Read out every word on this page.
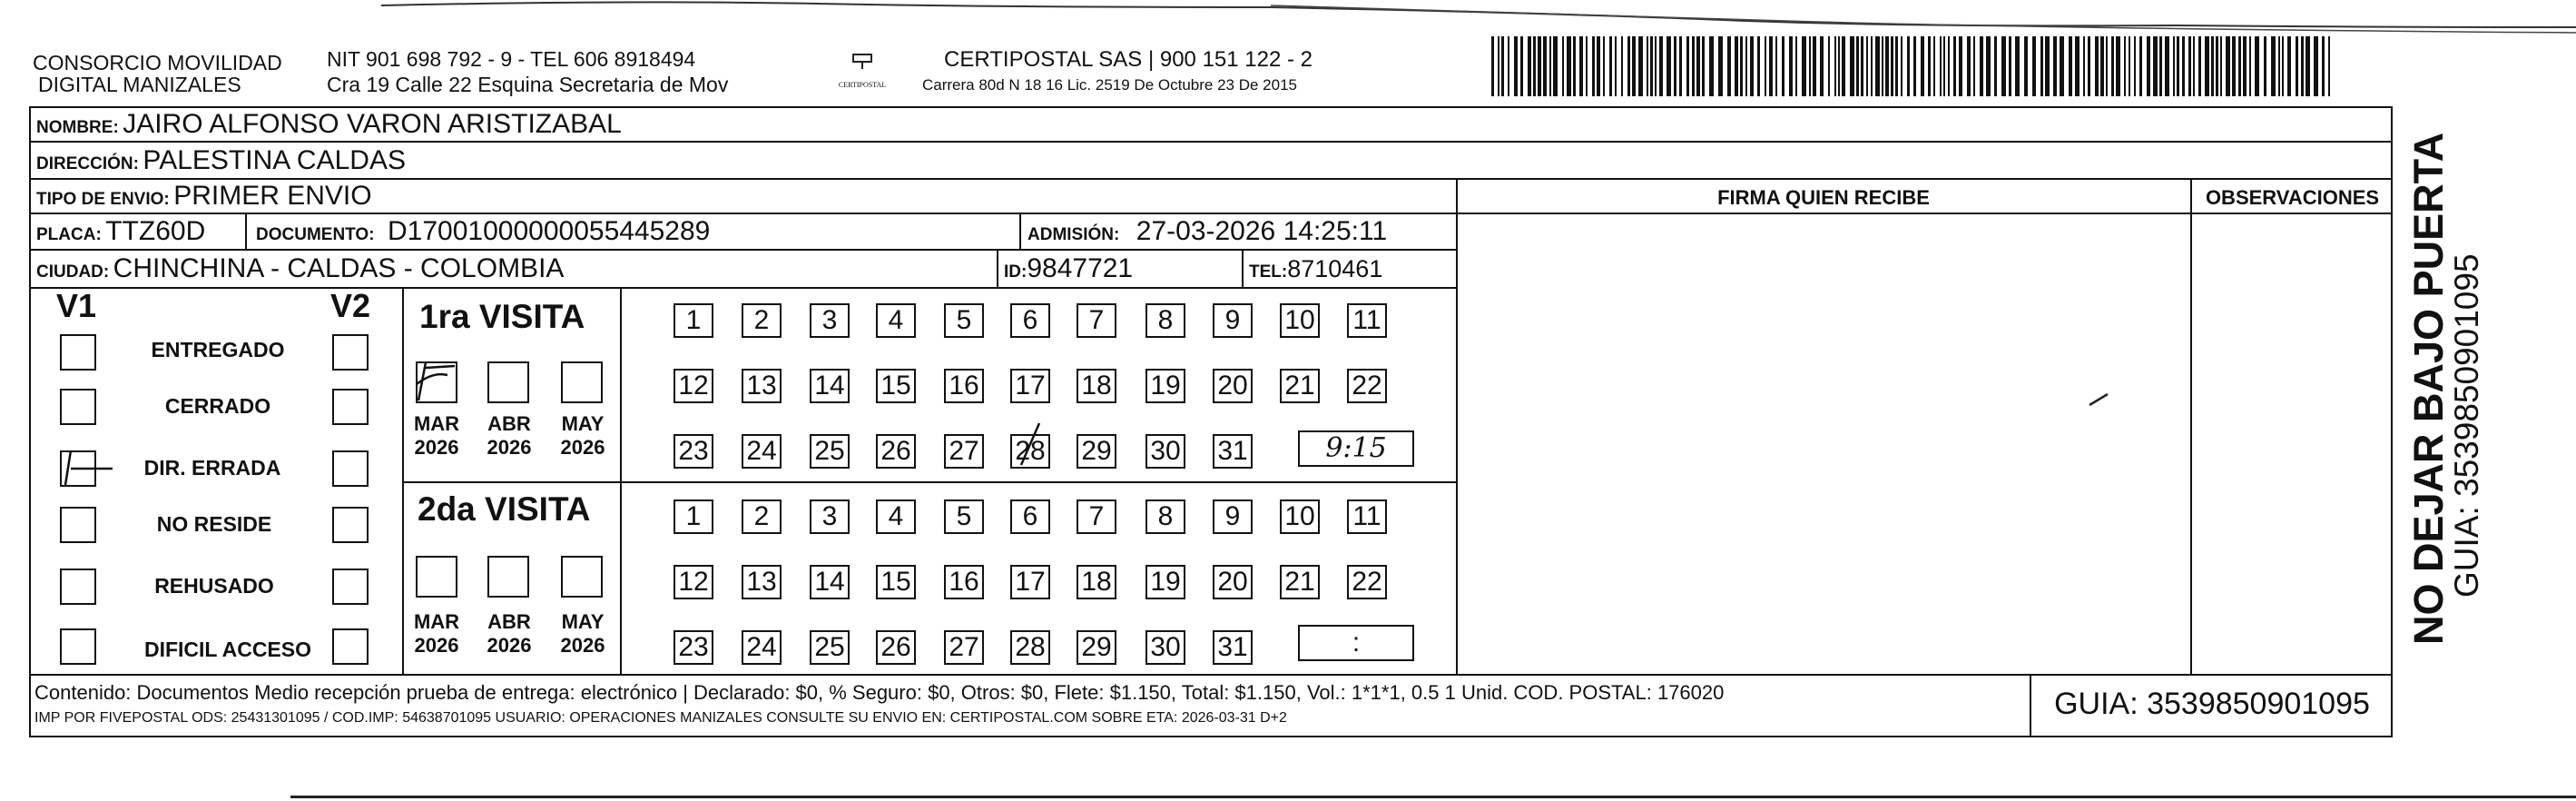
CONSORCIO MOVILIDAD
DIGITAL MANIZALES
NIT 901 698 792 - 9 - TEL 606 8918494
Cra 19 Calle 22 Esquina Secretaria de Mov	CERTIPOSTAL
CERTIPOSTAL SAS | 900 151 122 - 2
Carrera 80d N 18 16 Lic. 2519 De Octubre 23 De 2015
NOMBRE: JAIRO ALFONSO VARON ARISTIZABAL
DIRECCIÓN: PALESTINA CALDAS
TIPO DE ENVIO: PRIMER ENVIO	FIRMA QUIEN RECIBE	OBSERVACIONES
PLACA: TTZ60D	DOCUMENTO: D17001000000055445289	ADMISIÓN: 27-03-2026 14:25:11
CIUDAD: CHINCHINA - CALDAS - COLOMBIA	ID:9847721	TEL:8710461
V1	V2
ENTREGADO
CERRADO
DIR. ERRADA
NO RESIDE
REHUSADO
DIFICIL ACCESO
1ra VISITA
MAR
2026
ABR
2026
MAY
2026
1	2	3	4	5	6	7	8	9	10 11
12 13 14 15 16 17 18 19 20 21 22
23 24 25 26 27 28 29 30 31	9:15
2da VISITA
MAR
2026
ABR
2026
MAY
2026
1	2	3	4	5	6	7	8	9	10 11
12 13 14 15 16 17 18 19 20 21 22
23 24 25 26 27 28 29 30 31	:
Contenido: Documentos Medio recepción prueba de entrega: electrónico | Declarado: $0, % Seguro: $0, Otros: $0, Flete: $1.150, Total: $1.150, Vol.: 1*1*1, 0.5 1 Unid. COD. POSTAL: 176020
IMP POR FIVEPOSTAL ODS: 25431301095 / COD.IMP: 54638701095 USUARIO: OPERACIONES MANIZALES CONSULTE SU ENVIO EN: CERTIPOSTAL.COM SOBRE ETA: 2026-03-31 D+2	GUIA: 3539850901095
NO DEJAR BAJO PUERTA
GUIA: 3539850901095
